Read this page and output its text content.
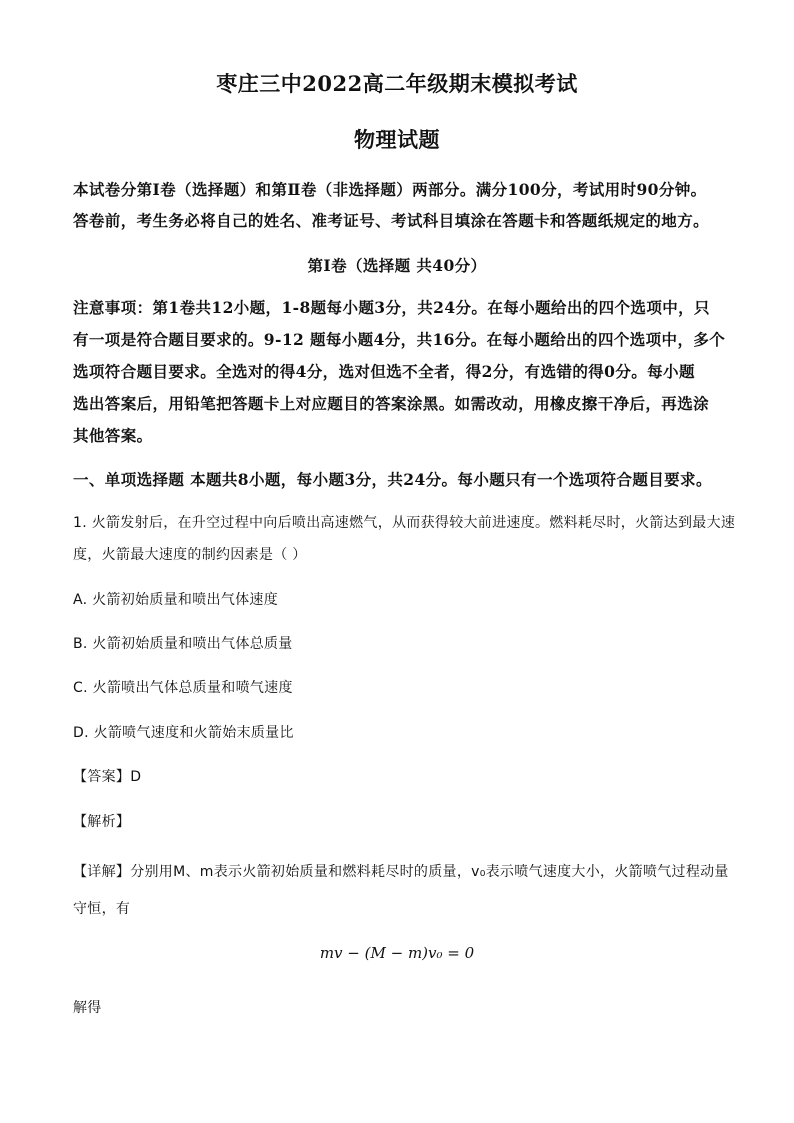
枣庄三中2022高二年级期末模拟考试
物理试题
本试卷分第Ⅰ卷（选择题）和第Ⅱ卷（非选择题）两部分。满分100分，考试用时90分钟。
答卷前，考生务必将自己的姓名、准考证号、考试科目填涂在答题卡和答题纸规定的地方。
第Ⅰ卷（选择题 共40分）
注意事项：第1卷共12小题，1-8题每小题3分，共24分。在每小题给出的四个选项中，只
有一项是符合题目要求的。9-12 题每小题4分，共16分。在每小题给出的四个选项中，多个
选项符合题目要求。全选对的得4分，选对但选不全者，得2分，有选错的得0分。每小题
选出答案后，用铅笔把答题卡上对应题目的答案涂黑。如需改动，用橡皮擦干净后，再选涂
其他答案。
一、单项选择题 本题共8小题，每小题3分，共24分。每小题只有一个选项符合题目要求。
1. 火箭发射后，在升空过程中向后喷出高速燃气，从而获得较大前进速度。燃料耗尽时，火箭达到最大速
度，火箭最大速度的制约因素是（ ）
A. 火箭初始质量和喷出气体速度
B. 火箭初始质量和喷出气体总质量
C. 火箭喷出气体总质量和喷气速度
D. 火箭喷气速度和火箭始末质量比
【答案】D
【解析】
【详解】分别用M、m表示火箭初始质量和燃料耗尽时的质量，v₀表示喷气速度大小，火箭喷气过程动量
守恒，有
mv − (M − m)v₀ = 0
解得
